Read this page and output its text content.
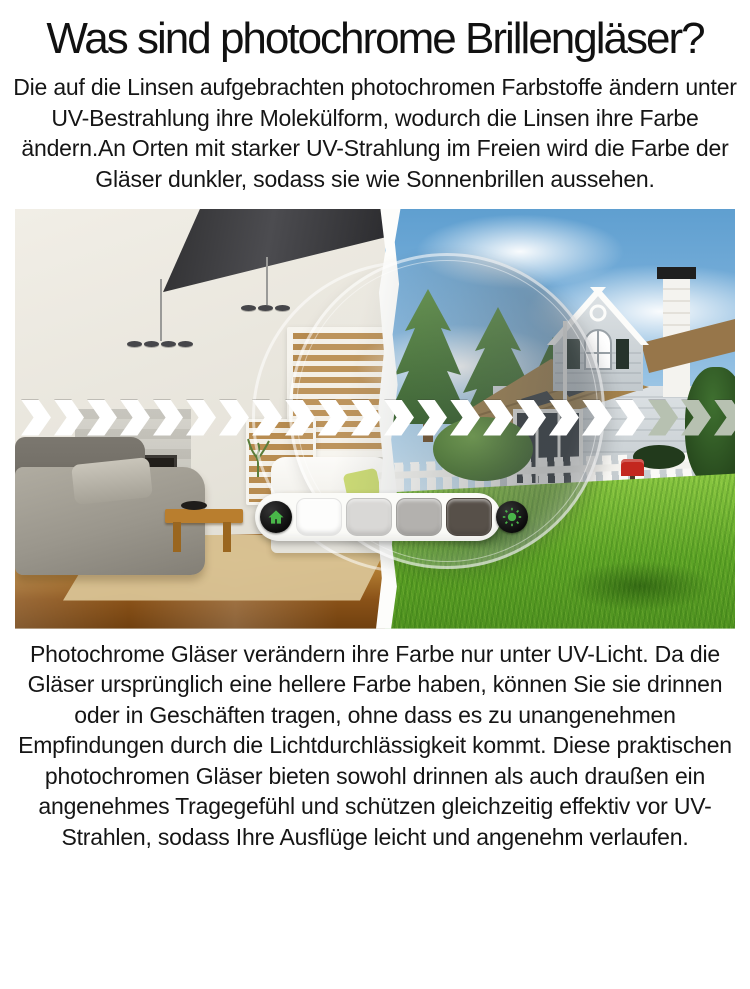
Was sind photochrome Brillengläser?

Die auf die Linsen aufgebrachten photochromen Farbstoffe ändern unter UV-Bestrahlung ihre Molekülform, wodurch die Linsen ihre Farbe ändern.An Orten mit starker UV-Strahlung im Freien wird die Farbe der Gläser dunkler, sodass sie wie Sonnenbrillen aussehen.

Photochrome Gläser verändern ihre Farbe nur unter UV-Licht. Da die Gläser ursprünglich eine hellere Farbe haben, können Sie sie drinnen oder in Geschäften tragen, ohne dass es zu unangenehmen Empfindungen durch die Lichtdurchlässigkeit kommt. Diese praktischen photochromen Gläser bieten sowohl drinnen als auch draußen ein angenehmes Tragegefühl und schützen gleichzeitig effektiv vor UV-Strahlen, sodass Ihre Ausflüge leicht und angenehm verlaufen.
